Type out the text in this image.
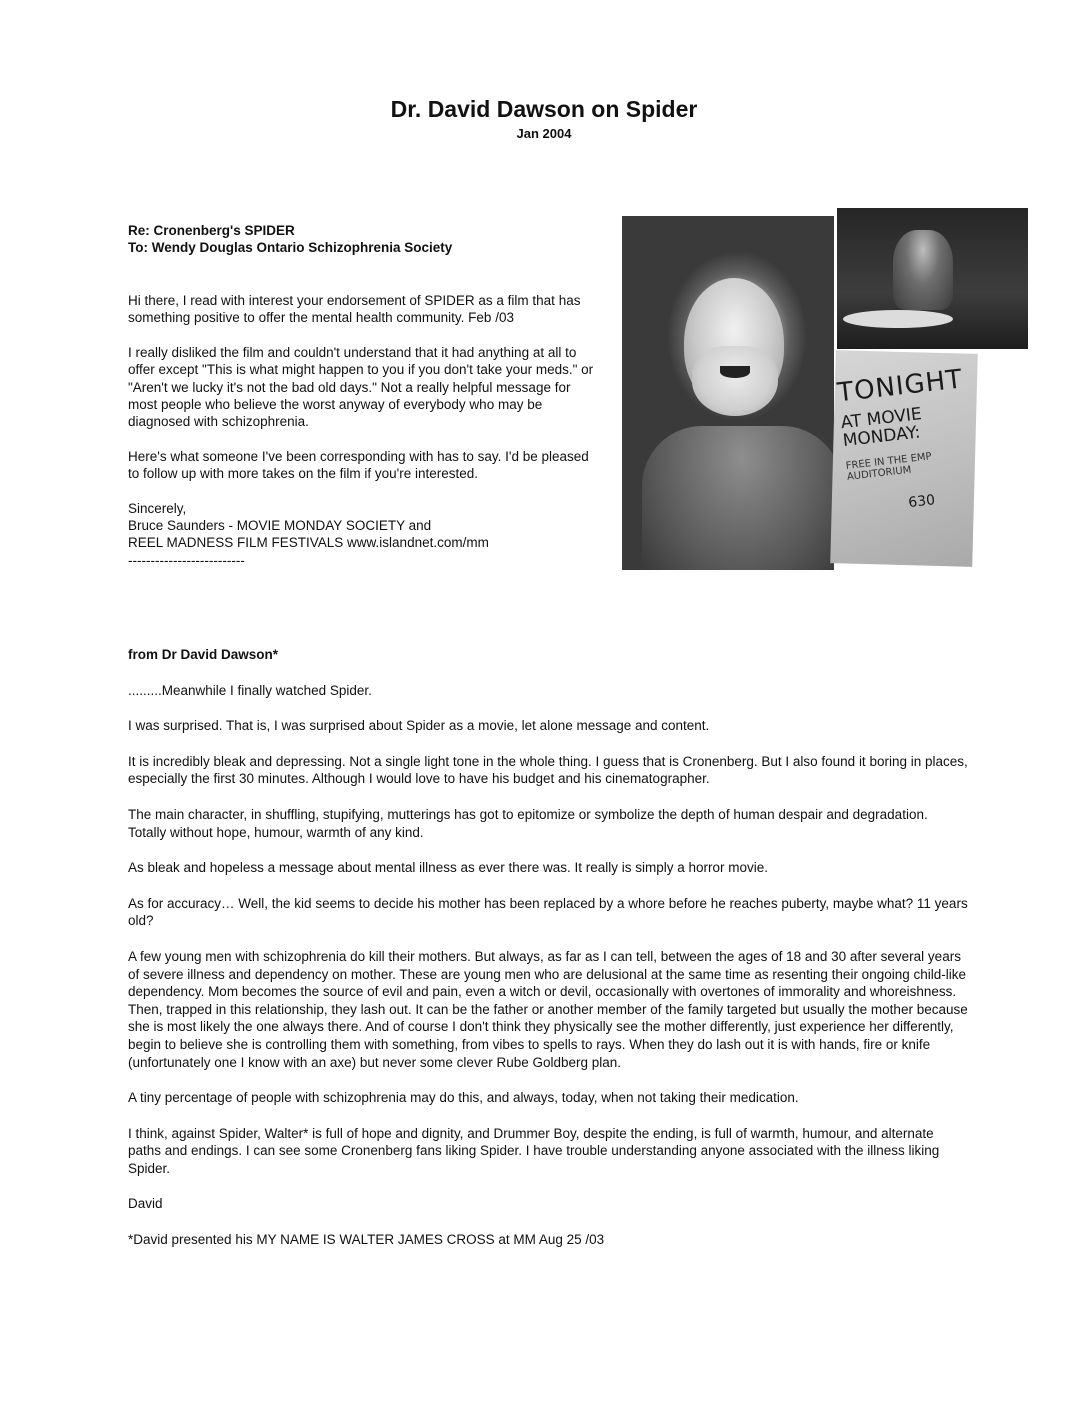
Dr. David Dawson on Spider
Jan 2004
Re: Cronenberg's SPIDER
To: Wendy Douglas Ontario Schizophrenia Society

Hi there, I read with interest your endorsement of SPIDER as a film that has something positive to offer the mental health community. Feb /03

I really disliked the film and couldn't understand that it had anything at all to offer except "This is what might happen to you if you don't take your meds." or "Aren't we lucky it's not the bad old days." Not a really helpful message for most people who believe the worst anyway of everybody who may be diagnosed with schizophrenia.

Here's what someone I've been corresponding with has to say. I'd be pleased to follow up with more takes on the film if you're interested.

Sincerely,

Bruce Saunders - MOVIE MONDAY SOCIETY and

REEL MADNESS FILM FESTIVALS www.islandnet.com/mm

--------------------------

TONIGHT
AT MOVIE MONDAY:
FREE IN THE EMP AUDITORIUM
630

from Dr David Dawson*

.........Meanwhile I finally watched Spider.

I was surprised. That is, I was surprised about Spider as a movie, let alone message and content.

It is incredibly bleak and depressing. Not a single light tone in the whole thing. I guess that is Cronenberg. But I also found it boring in places, especially the first 30 minutes. Although I would love to have his budget and his cinematographer.

The main character, in shuffling, stupifying, mutterings has got to epitomize or symbolize the depth of human despair and degradation. Totally without hope, humour, warmth of any kind.

As bleak and hopeless a message about mental illness as ever there was. It really is simply a horror movie.

As for accuracy… Well, the kid seems to decide his mother has been replaced by a whore before he reaches puberty, maybe what? 11 years old?

A few young men with schizophrenia do kill their mothers. But always, as far as I can tell, between the ages of 18 and 30 after several years of severe illness and dependency on mother. These are young men who are delusional at the same time as resenting their ongoing child-like dependency. Mom becomes the source of evil and pain, even a witch or devil, occasionally with overtones of immorality and whoreishness. Then, trapped in this relationship, they lash out. It can be the father or another member of the family targeted but usually the mother because she is most likely the one always there. And of course I don't think they physically see the mother differently, just experience her differently, begin to believe she is controlling them with something, from vibes to spells to rays. When they do lash out it is with hands, fire or knife (unfortunately one I know with an axe) but never some clever Rube Goldberg plan.

A tiny percentage of people with schizophrenia may do this, and always, today, when not taking their medication.

I think, against Spider, Walter* is full of hope and dignity, and Drummer Boy, despite the ending, is full of warmth, humour, and alternate paths and endings. I can see some Cronenberg fans liking Spider. I have trouble understanding anyone associated with the illness liking Spider.

David

*David presented his MY NAME IS WALTER JAMES CROSS at MM Aug 25 /03
